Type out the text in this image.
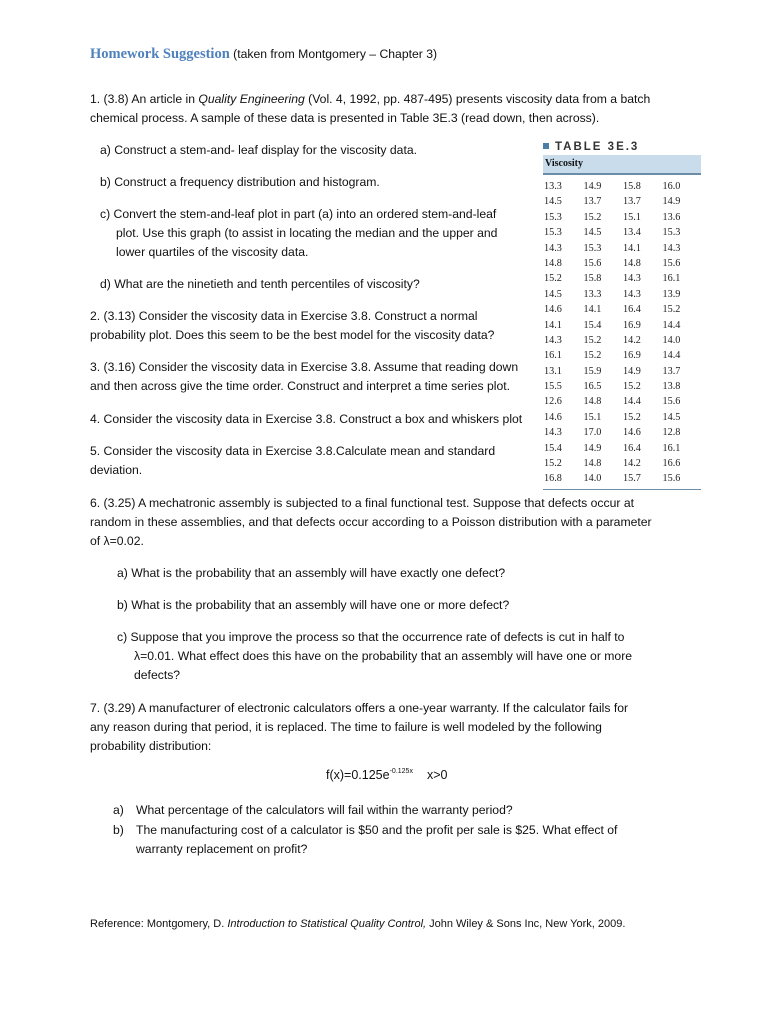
Homework Suggestion (taken from Montgomery – Chapter 3)
1. (3.8) An article in Quality Engineering (Vol. 4, 1992, pp. 487-495) presents viscosity data from a batch
chemical process. A sample of these data is presented in Table 3E.3 (read down, then across).
a) Construct a stem-and- leaf display for the viscosity data.
b) Construct a frequency distribution and histogram.
c) Convert the stem-and-leaf plot in part (a) into an ordered stem-and-leaf
plot. Use this graph (to assist in locating the median and the upper and
lower quartiles of the viscosity data.
d) What are the ninetieth and tenth percentiles of viscosity?
2. (3.13) Consider the viscosity data in Exercise 3.8. Construct a normal
probability plot. Does this seem to be the best model for the viscosity data?
3. (3.16) Consider the viscosity data in Exercise 3.8. Assume that reading down
and then across give the time order. Construct and interpret a time series plot.
4. Consider the viscosity data in Exercise 3.8. Construct a box and whiskers plot
5. Consider the viscosity data in Exercise 3.8.Calculate mean and standard
deviation.
6. (3.25) A mechatronic assembly is subjected to a final functional test. Suppose that defects occur at
random in these assemblies, and that defects occur according to a Poisson distribution with a parameter
of λ=0.02.
a) What is the probability that an assembly will have exactly one defect?
b) What is the probability that an assembly will have one or more defect?
c) Suppose that you improve the process so that the occurrence rate of defects is cut in half to
λ=0.01. What effect does this have on the probability that an assembly will have one or more
defects?
7. (3.29) A manufacturer of electronic calculators offers a one-year warranty. If the calculator fails for
any reason during that period, it is replaced. The time to failure is well modeled by the following
probability distribution:
$f(x)=0.125e^{-0.125x}$ x>0
a) What percentage of the calculators will fail within the warranty period?
b) The manufacturing cost of a calculator is $50 and the profit per sale is $25. What effect of
warranty replacement on profit?
Reference: Montgomery, D. Introduction to Statistical Quality Control, John Wiley & Sons Inc, New York, 2009.
TABLE 3E.3
Viscosity
13.3	14.9	15.8	16.0
14.5	13.7	13.7	14.9
15.3	15.2	15.1	13.6
15.3	14.5	13.4	15.3
14.3	15.3	14.1	14.3
14.8	15.6	14.8	15.6
15.2	15.8	14.3	16.1
14.5	13.3	14.3	13.9
14.6	14.1	16.4	15.2
14.1	15.4	16.9	14.4
14.3	15.2	14.2	14.0
16.1	15.2	16.9	14.4
13.1	15.9	14.9	13.7
15.5	16.5	15.2	13.8
12.6	14.8	14.4	15.6
14.6	15.1	15.2	14.5
14.3	17.0	14.6	12.8
15.4	14.9	16.4	16.1
15.2	14.8	14.2	16.6
16.8	14.0	15.7	15.6
